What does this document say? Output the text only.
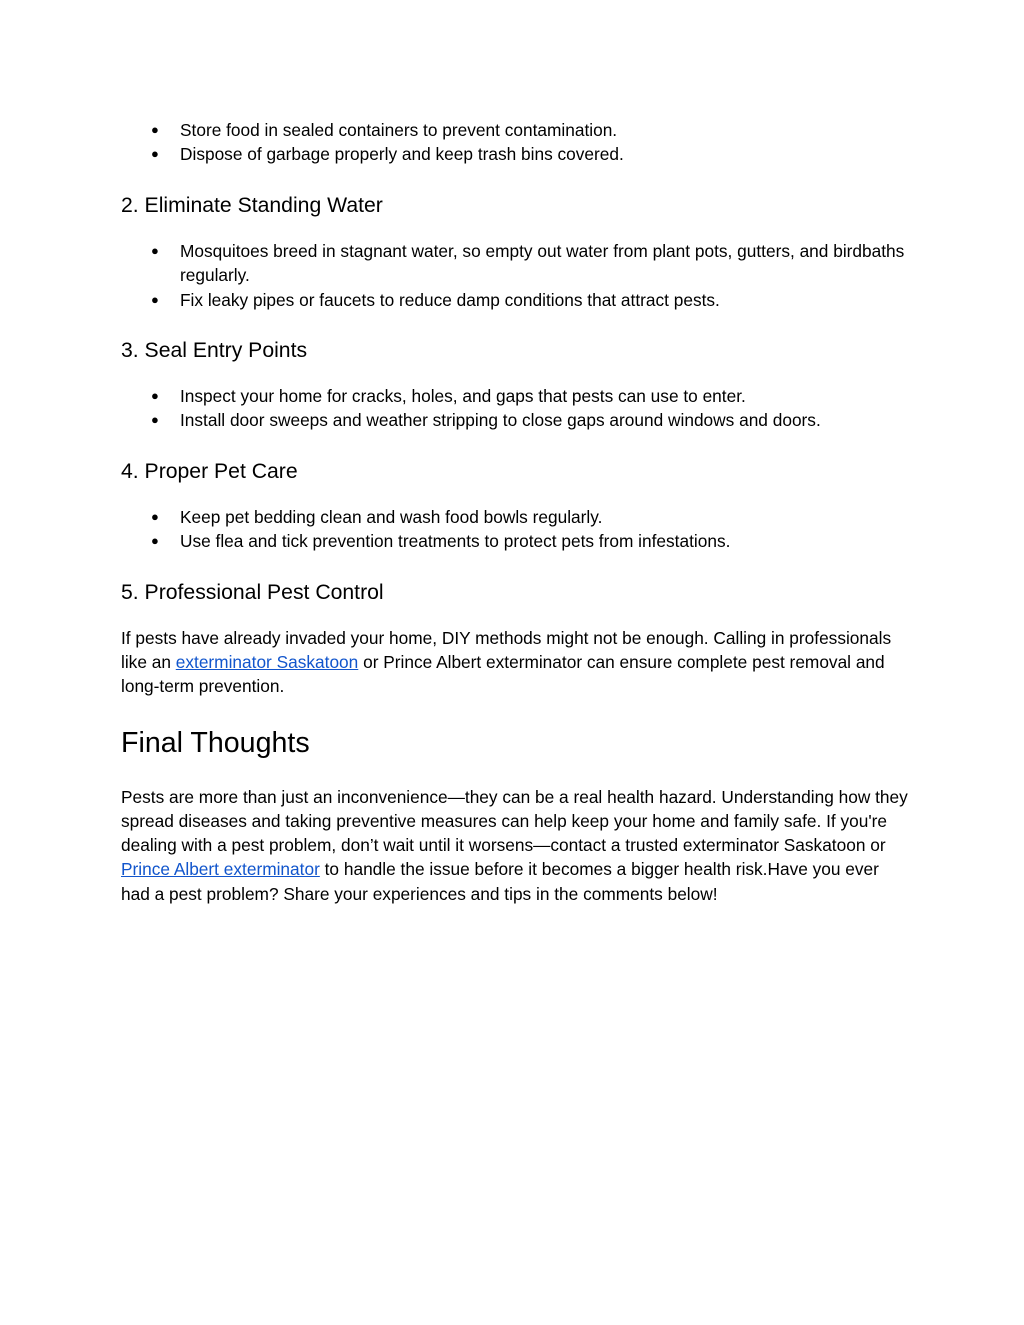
● Store food in sealed containers to prevent contamination.
● Dispose of garbage properly and keep trash bins covered.
2. Eliminate Standing Water
● Mosquitoes breed in stagnant water, so empty out water from plant pots, gutters, and birdbaths regularly.
● Fix leaky pipes or faucets to reduce damp conditions that attract pests.
3. Seal Entry Points
● Inspect your home for cracks, holes, and gaps that pests can use to enter.
● Install door sweeps and weather stripping to close gaps around windows and doors.
4. Proper Pet Care
● Keep pet bedding clean and wash food bowls regularly.
● Use flea and tick prevention treatments to protect pets from infestations.
5. Professional Pest Control

If pests have already invaded your home, DIY methods might not be enough. Calling in professionals like an exterminator Saskatoon or Prince Albert exterminator can ensure complete pest removal and long-term prevention.

Final Thoughts

Pests are more than just an inconvenience—they can be a real health hazard. Understanding how they spread diseases and taking preventive measures can help keep your home and family safe. If you're dealing with a pest problem, don’t wait until it worsens—contact a trusted exterminator Saskatoon or Prince Albert exterminator to handle the issue before it becomes a bigger health risk.Have you ever had a pest problem? Share your experiences and tips in the comments below!
